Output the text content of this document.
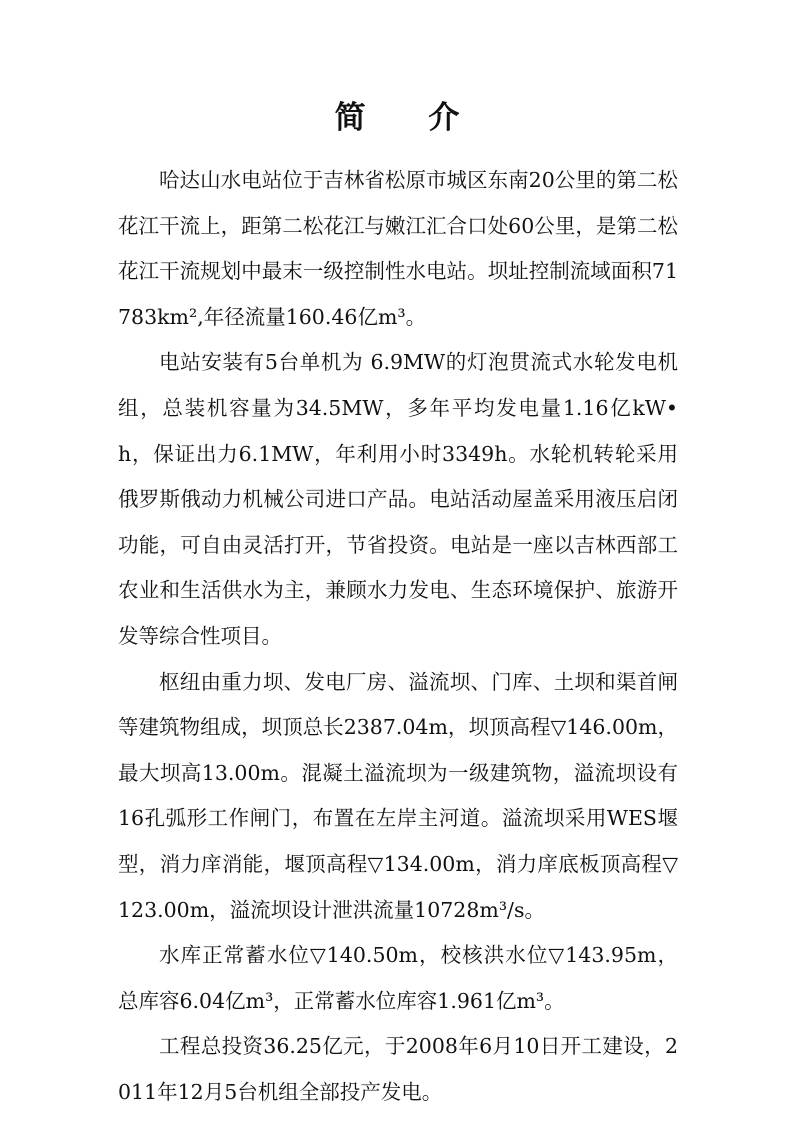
简 介

哈达山水电站位于吉林省松原市城区东南20公里的第二松花江干流上，距第二松花江与嫩江汇合口处60公里，是第二松花江干流规划中最末一级控制性水电站。坝址控制流域面积71783km²,年径流量160.46亿m³。

电站安装有5台单机为 6.9MW的灯泡贯流式水轮发电机组，总装机容量为34.5MW，多年平均发电量1.16亿kW•h，保证出力6.1MW，年利用小时3349h。水轮机转轮采用俄罗斯俄动力机械公司进口产品。电站活动屋盖采用液压启闭功能，可自由灵活打开，节省投资。电站是一座以吉林西部工农业和生活供水为主，兼顾水力发电、生态环境保护、旅游开发等综合性项目。

枢纽由重力坝、发电厂房、溢流坝、门库、土坝和渠首闸等建筑物组成，坝顶总长2387.04m，坝顶高程▽146.00m，最大坝高13.00m。混凝土溢流坝为一级建筑物，溢流坝设有16孔弧形工作闸门，布置在左岸主河道。溢流坝采用WES堰型，消力庠消能，堰顶高程▽134.00m，消力庠底板顶高程▽123.00m，溢流坝设计泄洪流量10728m³/s。

水库正常蓄水位▽140.50m，校核洪水位▽143.95m，总库容6.04亿m³，正常蓄水位库容1.961亿m³。

工程总投资36.25亿元，于2008年6月10日开工建设，2011年12月5台机组全部投产发电。
